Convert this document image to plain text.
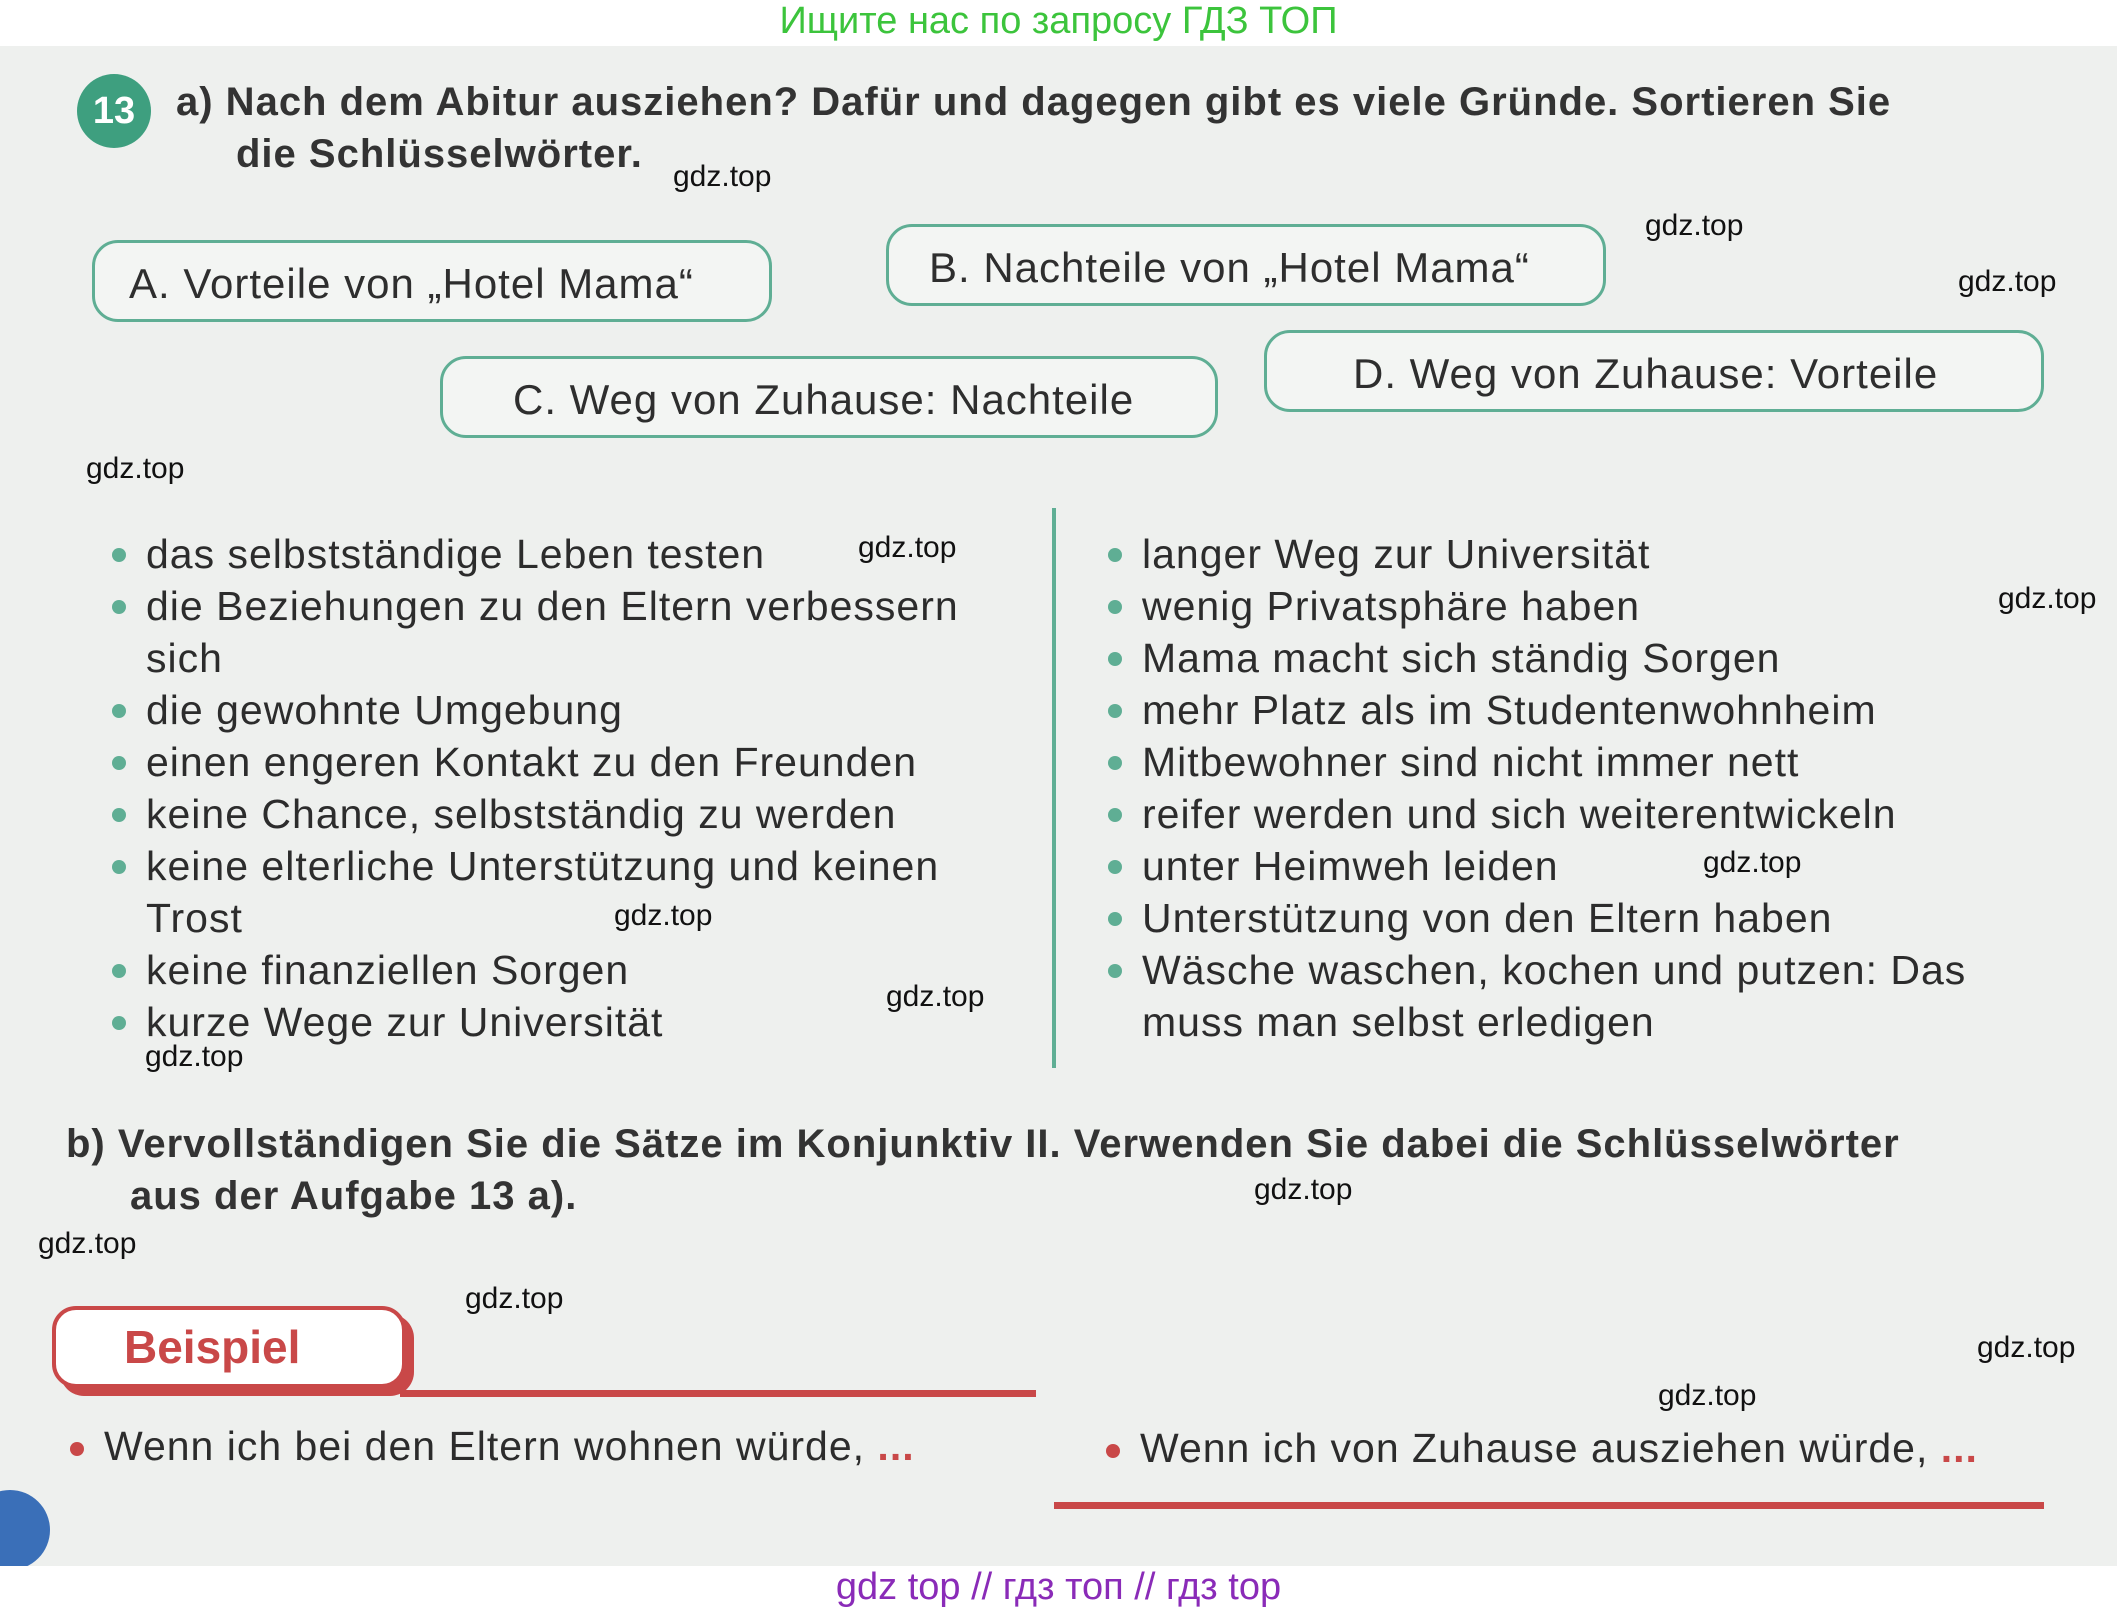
Ищите нас по запросу ГДЗ ТОП
13	a) Nach dem Abitur ausziehen? Dafür und dagegen gibt es viele Gründe. Sortieren Sie
die Schlüsselwörter.
A. Vorteile von „Hotel Mama“	B. Nachteile von „Hotel Mama“
C. Weg von Zuhause: Nachteile
D. Weg von Zuhause: Vorteile
das selbstständige Leben testen
die Beziehungen zu den Eltern verbessern sich
die gewohnte Umgebung
einen engeren Kontakt zu den Freunden
keine Chance, selbstständig zu werden
keine elterliche Unterstützung und keinen Trost
keine finanziellen Sorgen
kurze Wege zur Universität
langer Weg zur Universität
wenig Privatsphäre haben
Mama macht sich ständig Sorgen
mehr Platz als im Studentenwohnheim
Mitbewohner sind nicht immer nett
reifer werden und sich weiterentwickeln
unter Heimweh leiden
Unterstützung von den Eltern haben
Wäsche waschen, kochen und putzen: Das muss man selbst erledigen
b) Vervollständigen Sie die Sätze im Konjunktiv II. Verwenden Sie dabei die Schlüsselwörter
aus der Aufgabe 13 a).
Beispiel
Wenn ich bei den Eltern wohnen würde, ...	Wenn ich von Zuhause ausziehen würde, ...
gdz.top
gdz.top
gdz.top
gdz.top
gdz.top
gdz.top
gdz.top
gdz.top
gdz.top
gdz.top
gdz.top
gdz.top
gdz.top
gdz.top
gdz.top
gdz top // гдз топ // гдз top
